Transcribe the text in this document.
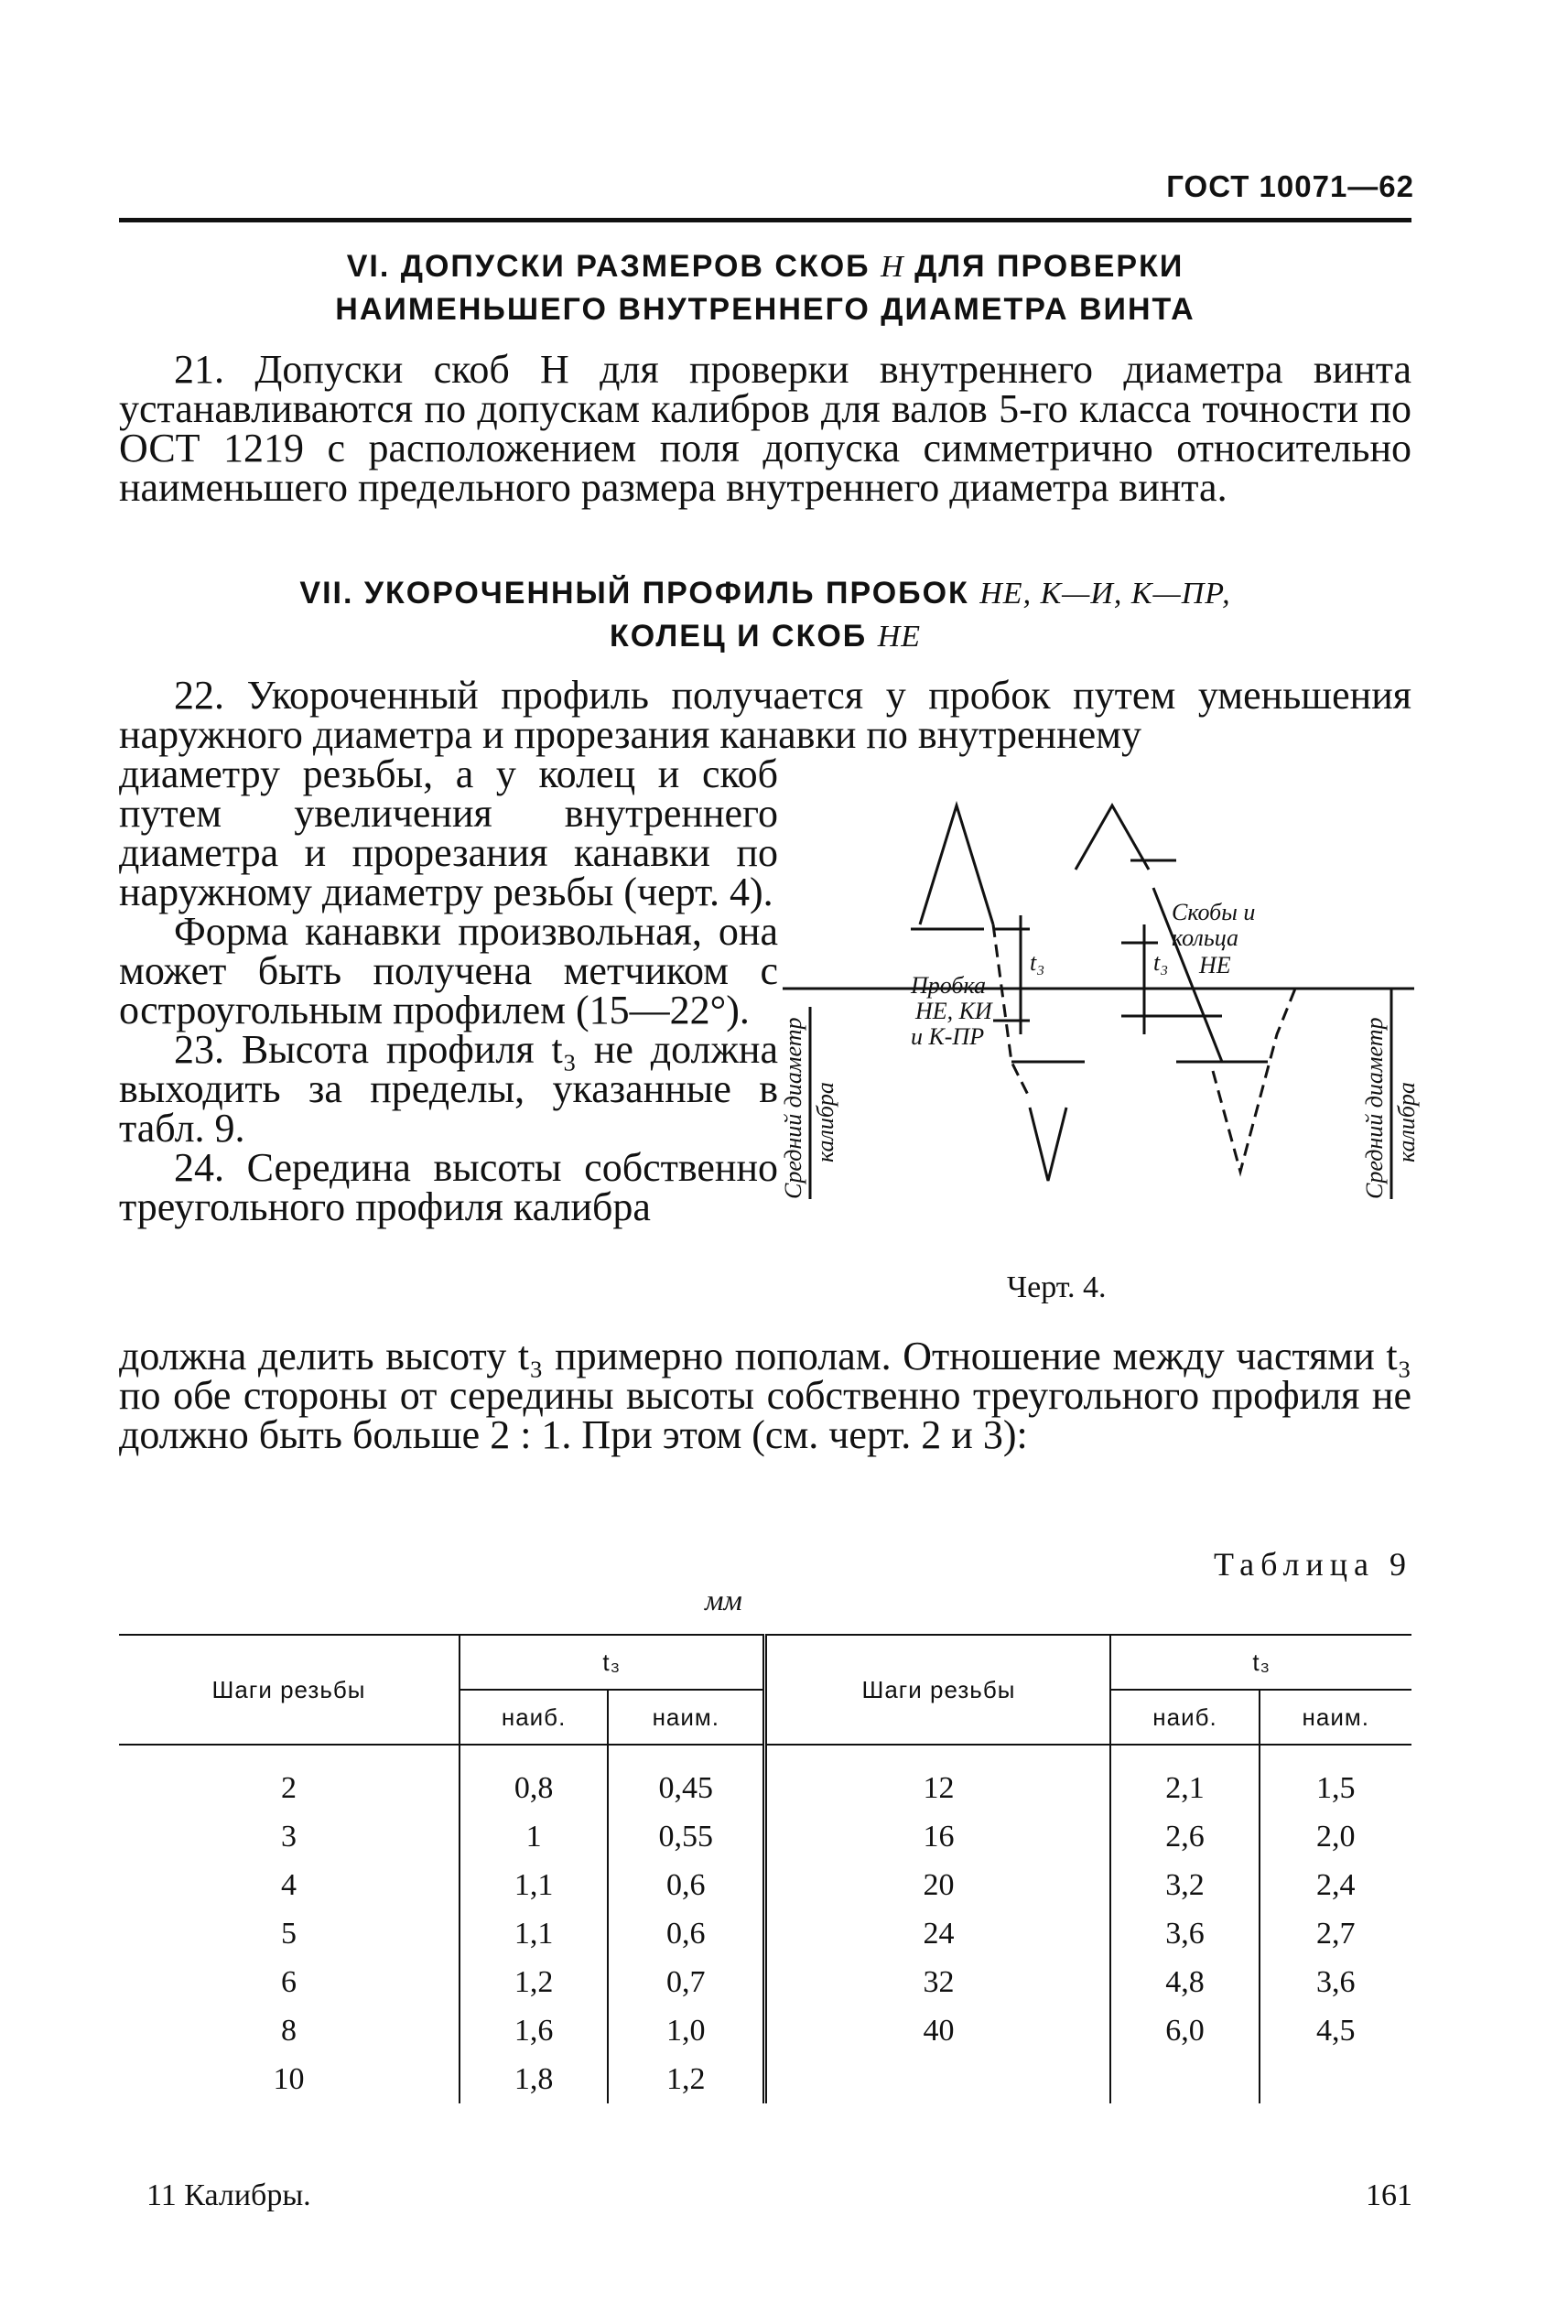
ГОСТ 10071—62
VI. ДОПУСКИ РАЗМЕРОВ СКОБ Н ДЛЯ ПРОВЕРКИ
НАИМЕНЬШЕГО ВНУТРЕННЕГО ДИАМЕТРА ВИНТА

21. Допуски скоб Н для проверки внутреннего диаметра винта устанавливаются по допускам калибров для валов 5-го класса точности по ОСТ 1219 с расположением поля допуска симметрично относительно наименьшего предельного размера внутреннего диаметра винта.

VII. УКОРОЧЕННЫЙ ПРОФИЛЬ ПРОБОК НЕ, К—И, К—ПР,
КОЛЕЦ И СКОБ НЕ

22. Укороченный профиль получается у пробок путем уменьшения наружного диаметра и прорезания канавки по внутреннему

диаметру резьбы, а у колец и скоб путем увеличения внутреннего диаметра и прорезания канавки по наружному диаметру резьбы (черт. 4).

Форма канавки произвольная, она может быть получена метчиком с остроугольным профилем (15—22°).

23. Высота профиля t₃ не должна выходить за пределы, указанные в табл. 9.

24. Середина высоты собственно треугольного профиля калибра

должна делить высоту t₃ примерно пополам. Отношение между частями t₃ по обе стороны от середины высоты собственно треугольного профиля не должно быть больше 2 : 1. При этом (см. черт. 2 и 3):

Пробка
НЕ, КИ
и К-ПР
Скобы и
кольца
НЕ
t₃	t₃
Средний диаметр калибра	Средний диаметр калибра
Черт. 4.
Таблица 9
мм
Шаги резьбы	t₃		Шаги резьбы	t₃	
	наиб.	наим.		наиб.	наим.
2	0,8	0,45	12	2,1	1,5
3	1	0,55	16	2,6	2,0
4	1,1	0,6	20	3,2	2,4
5	1,1	0,6	24	3,6	2,7
6	1,2	0,7	32	4,8	3,6
8	1,6	1,0	40	6,0	4,5
10	1,8	1,2			
11 Калибры.	161
